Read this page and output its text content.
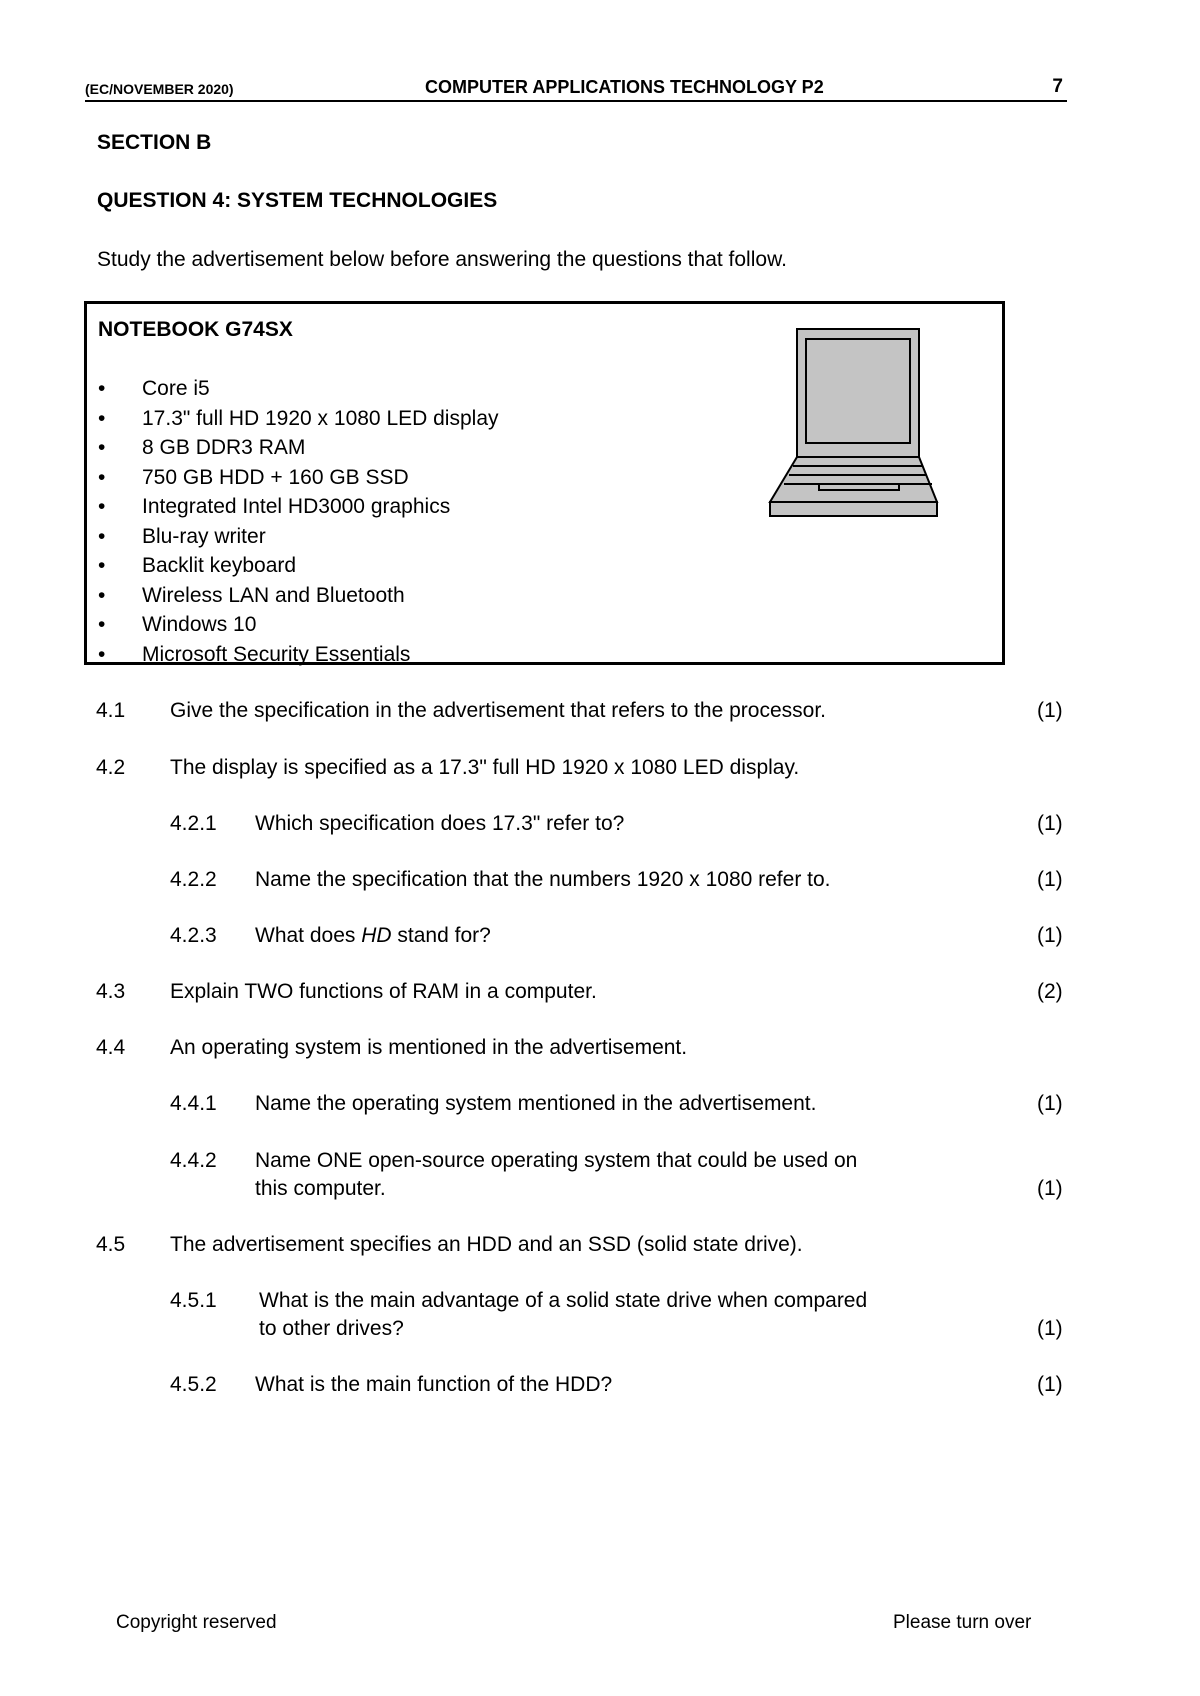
(EC/NOVEMBER 2020)	COMPUTER APPLICATIONS TECHNOLOGY P2	7
SECTION B
QUESTION 4: SYSTEM TECHNOLOGIES
Study the advertisement below before answering the questions that follow.
NOTEBOOK G74SX
•	Core i5
•	17.3" full HD 1920 x 1080 LED display
•	8 GB DDR3 RAM
•	750 GB HDD + 160 GB SSD
•	Integrated Intel HD3000 graphics
•	Blu-ray writer
•	Backlit keyboard
•	Wireless LAN and Bluetooth
•	Windows 10
•	Microsoft Security Essentials
4.1 Give the specification in the advertisement that refers to the processor.	(1)
4.2 The display is specified as a 17.3" full HD 1920 x 1080 LED display.
4.2.1 Which specification does 17.3" refer to?	(1)
4.2.2 Name the specification that the numbers 1920 x 1080 refer to.	(1)
4.2.3 What does HD stand for?	(1)
4.3 Explain TWO functions of RAM in a computer.	(2)
4.4 An operating system is mentioned in the advertisement.
4.4.1 Name the operating system mentioned in the advertisement.	(1)
4.4.2 Name ONE open-source operating system that could be used on
this computer.	(1)
4.5 The advertisement specifies an HDD and an SSD (solid state drive).
4.5.1 What is the main advantage of a solid state drive when compared
to other drives?	(1)
4.5.2 What is the main function of the HDD?	(1)
Copyright reserved	Please turn over
